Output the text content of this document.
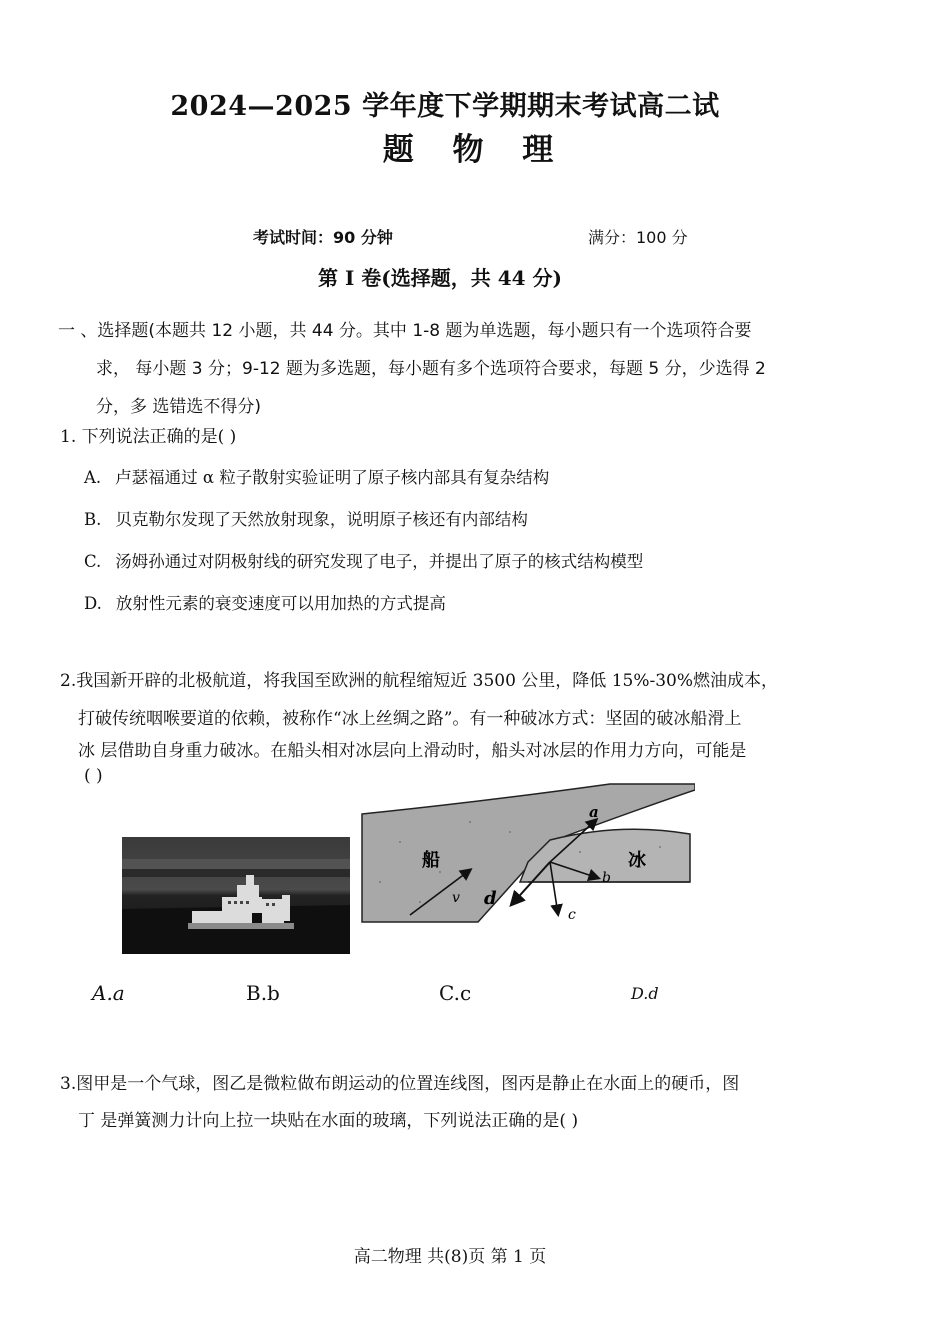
2024—2025 学年度下学期期末考试高二试
题 物 理
考试时间：90 分钟	满分：100 分
第 I 卷(选择题，共 44 分)
一 、选择题(本题共 12 小题，共 44 分。其中 1-8 题为单选题，每小题只有一个选项符合要
求， 每小题 3 分；9-12 题为多选题，每小题有多个选项符合要求，每题 5 分，少选得 2
分，多 选错选不得分)
1. 下列说法正确的是( )
A. 卢瑟福通过 α 粒子散射实验证明了原子核内部具有复杂结构
B. 贝克勒尔发现了天然放射现象，说明原子核还有内部结构
C. 汤姆孙通过对阴极射线的研究发现了电子，并提出了原子的核式结构模型
D. 放射性元素的衰变速度可以用加热的方式提高
2.我国新开辟的北极航道，将我国至欧洲的航程缩短近 3500 公里，降低 15%-30%燃油成本，
打破传统咽喉要道的依赖，被称作“冰上丝绸之路”。有一种破冰方式：坚固的破冰船滑上
冰 层借助自身重力破冰。在船头相对冰层向上滑动时，船头对冰层的作用力方向，可能是
( )
船	冰
v
a
b
c
d
A.a	B.b	C.c	D.d
3.图甲是一个气球，图乙是微粒做布朗运动的位置连线图，图丙是静止在水面上的硬币，图
丁 是弹簧测力计向上拉一块贴在水面的玻璃，下列说法正确的是( )
高二物理 共(8)页 第 1 页
